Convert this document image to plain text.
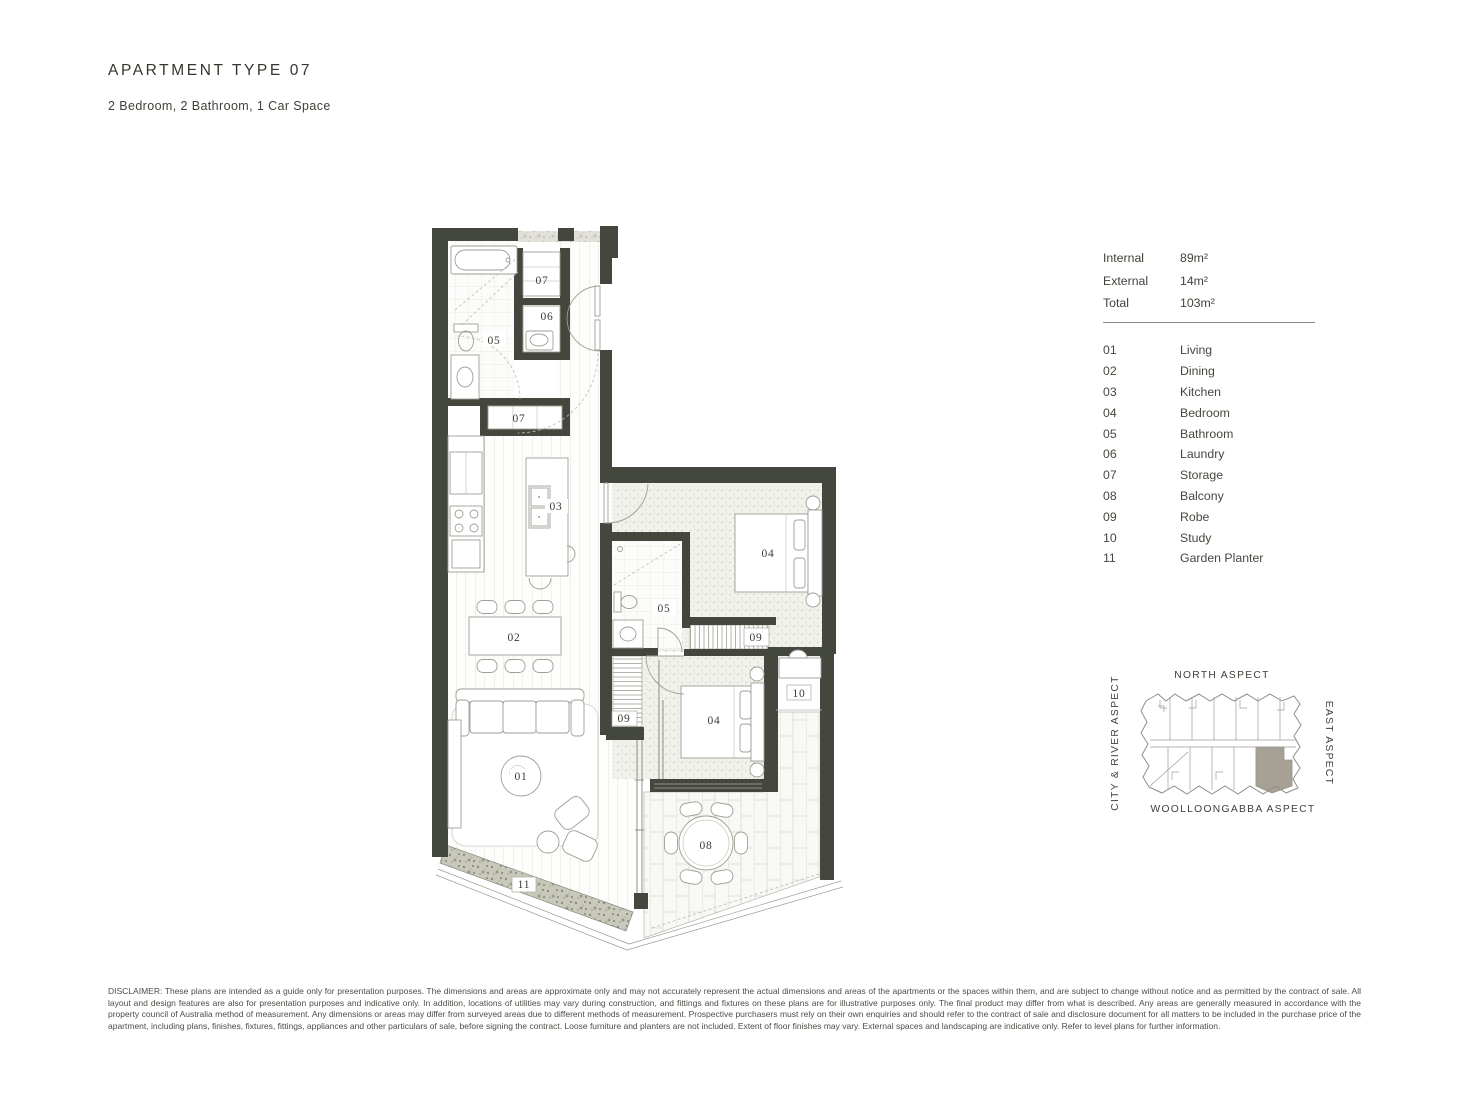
APARTMENT TYPE 07
2 Bedroom, 2 Bathroom, 1 Car Space
05
07
06
07
03
02
01
11
04
05
09
10
09	04
08
Internal	89m²
External	14m²
Total	103m²
01	Living
02	Dining
03	Kitchen
04	Bedroom
05	Bathroom
06	Laundry
07	Storage
08	Balcony
09	Robe
10	Study
11	Garden Planter
NORTH ASPECT
WOOLLOONGABBA ASPECT
CITY & RIVER ASPECT	EAST ASPECT
DISCLAIMER: These plans are intended as a guide only for presentation purposes. The dimensions and areas are approximate only and may not accurately represent the actual dimensions and areas of the apartments or the spaces within them, and are subject to change without notice and as permitted by the contract of sale. All layout and design features are also for presentation purposes and indicative only. In addition, locations of utilities may vary during construction, and fittings and fixtures on these plans are for illustrative purposes only. The final product may differ from what is described. Any areas are generally measured in accordance with the property council of Australia method of measurement. Any dimensions or areas may differ from surveyed areas due to different methods of measurement. Prospective purchasers must rely on their own enquiries and should refer to the contract of sale and disclosure document for all matters to be included in the purchase price of the apartment, including plans, finishes, fixtures, fittings, appliances and other particulars of sale, before signing the contract. Loose furniture and planters are not included. Extent of floor finishes may vary. External spaces and landscaping are indicative only. Refer to level plans for further information.
